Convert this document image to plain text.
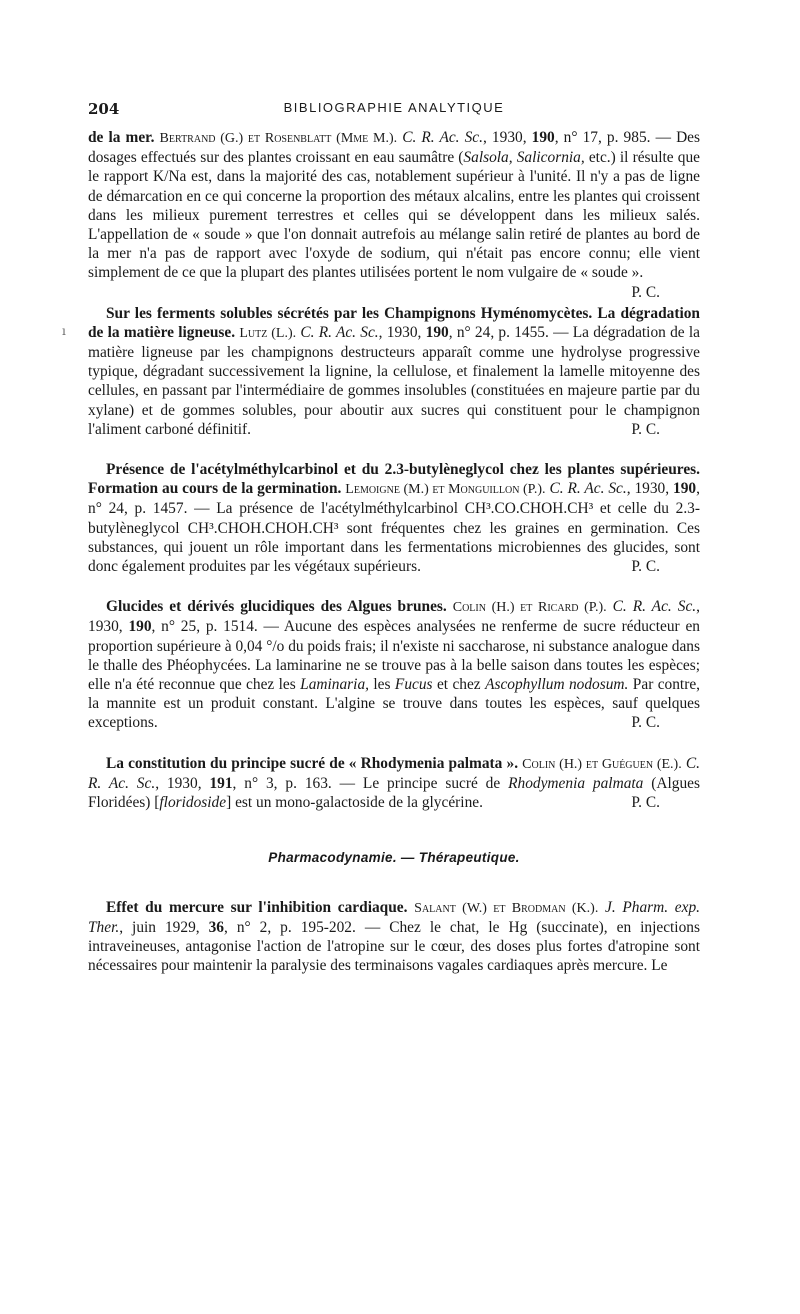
204	BIBLIOGRAPHIE ANALYTIQUE
ı

de la mer. Bertrand (G.) et Rosenblatt (Mme M.). C. R. Ac. Sc., 1930, 190, n° 17, p. 985. — Des dosages effectués sur des plantes croissant en eau saumâtre (Salsola, Salicornia, etc.) il résulte que le rapport K/Na est, dans la majorité des cas, notablement supérieur à l'unité. Il n'y a pas de ligne de démarcation en ce qui concerne la proportion des métaux alcalins, entre les plantes qui croissent dans les milieux purement terrestres et celles qui se développent dans les milieux salés. L'appellation de « soude » que l'on donnait autrefois au mélange salin retiré de plantes au bord de la mer n'a pas de rapport avec l'oxyde de sodium, qui n'était pas encore connu; elle vient simplement de ce que la plupart des plantes utilisées portent le nom vulgaire de « soude ».
P. C.

Sur les ferments solubles sécrétés par les Champignons Hyménomycètes. La dégradation de la matière ligneuse. Lutz (L.). C. R. Ac. Sc., 1930, 190, n° 24, p. 1455. — La dégradation de la matière ligneuse par les champignons destructeurs apparaît comme une hydrolyse progressive typique, dégradant successivement la lignine, la cellulose, et finalement la lamelle mitoyenne des cellules, en passant par l'intermédiaire de gommes insolubles (constituées en majeure partie par du xylane) et de gommes solubles, pour aboutir aux sucres qui constituent pour le champignon l'aliment carboné définitif.	P. C.

Présence de l'acétylméthylcarbinol et du 2.3-butylèneglycol chez les plantes supérieures. Formation au cours de la germination. Lemoigne (M.) et Monguillon (P.). C. R. Ac. Sc., 1930, 190, n° 24, p. 1457. — La présence de l'acétylméthylcarbinol CH³.CO.CHOH.CH³ et celle du 2.3-butylèneglycol CH³.CHOH.CHOH.CH³ sont fréquentes chez les graines en germination. Ces substances, qui jouent un rôle important dans les fermentations microbiennes des glucides, sont donc également produites par les végétaux supérieurs.	P. C.

Glucides et dérivés glucidiques des Algues brunes. Colin (H.) et Ricard (P.). C. R. Ac. Sc., 1930, 190, n° 25, p. 1514. — Aucune des espèces analysées ne renferme de sucre réducteur en proportion supérieure à 0,04 °/o du poids frais; il n'existe ni saccharose, ni substance analogue dans le thalle des Phéophycées. La laminarine ne se trouve pas à la belle saison dans toutes les espèces; elle n'a été reconnue que chez les Laminaria, les Fucus et chez Ascophyllum nodosum. Par contre, la mannite est un produit constant. L'algine se trouve dans toutes les espèces, sauf quelques exceptions.	P. C.

La constitution du principe sucré de « Rhodymenia palmata ». Colin (H.) et Guéguen (E.). C. R. Ac. Sc., 1930, 191, n° 3, p. 163. — Le principe sucré de Rhodymenia palmata (Algues Floridées) [floridoside] est un mono-galactoside de la glycérine.	P. C.

Pharmacodynamie. — Thérapeutique.

Effet du mercure sur l'inhibition cardiaque. Salant (W.) et Brodman (K.). J. Pharm. exp. Ther., juin 1929, 36, n° 2, p. 195-202. — Chez le chat, le Hg (succinate), en injections intraveineuses, antagonise l'action de l'atropine sur le cœur, des doses plus fortes d'atropine sont nécessaires pour maintenir la paralysie des terminaisons vagales cardiaques après mercure. Le
